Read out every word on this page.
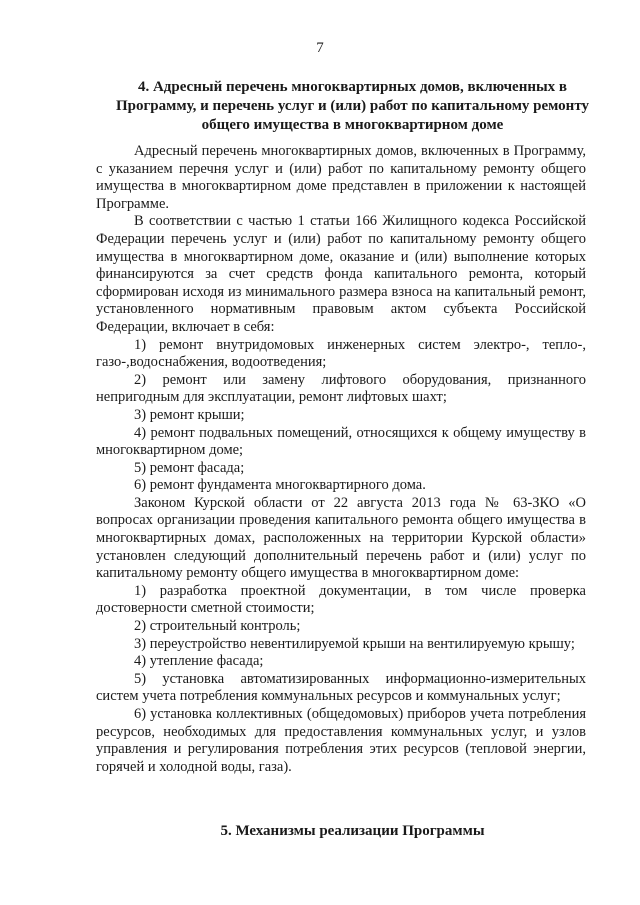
7
4. Адресный перечень многоквартирных домов, включенных в Программу, и перечень услуг и (или) работ по капитальному ремонту общего имущества в многоквартирном доме

Адресный перечень многоквартирных домов, включенных в Программу, с указанием перечня услуг и (или) работ по капитальному ремонту общего имущества в многоквартирном доме представлен в приложении к настоящей Программе.

В соответствии с частью 1 статьи 166 Жилищного кодекса Российской Федерации перечень услуг и (или) работ по капитальному ремонту общего имущества в многоквартирном доме, оказание и (или) выполнение которых финансируются за счет средств фонда капитального ремонта, который сформирован исходя из минимального размера взноса на капитальный ремонт, установленного нормативным правовым актом субъекта Российской Федерации, включает в себя:

1) ремонт внутридомовых инженерных систем электро-, тепло-, газо-,водоснабжения, водоотведения;

2) ремонт или замену лифтового оборудования, признанного непригодным для эксплуатации, ремонт лифтовых шахт;

3) ремонт крыши;

4) ремонт подвальных помещений, относящихся к общему имуществу в многоквартирном доме;

5) ремонт фасада;

6) ремонт фундамента многоквартирного дома.

Законом Курской области от 22 августа 2013 года № 63-ЗКО «О вопросах организации проведения капитального ремонта общего имущества в многоквартирных домах, расположенных на территории Курской области» установлен следующий дополнительный перечень работ и (или) услуг по капитальному ремонту общего имущества в многоквартирном доме:

1) разработка проектной документации, в том числе проверка достоверности сметной стоимости;

2) строительный контроль;

3) переустройство невентилируемой крыши на вентилируемую крышу;

4) утепление фасада;

5) установка автоматизированных информационно-измерительных систем учета потребления коммунальных ресурсов и коммунальных услуг;

6) установка коллективных (общедомовых) приборов учета потребления ресурсов, необходимых для предоставления коммунальных услуг, и узлов управления и регулирования потребления этих ресурсов (тепловой энергии, горячей и холодной воды, газа).

5. Механизмы реализации Программы
